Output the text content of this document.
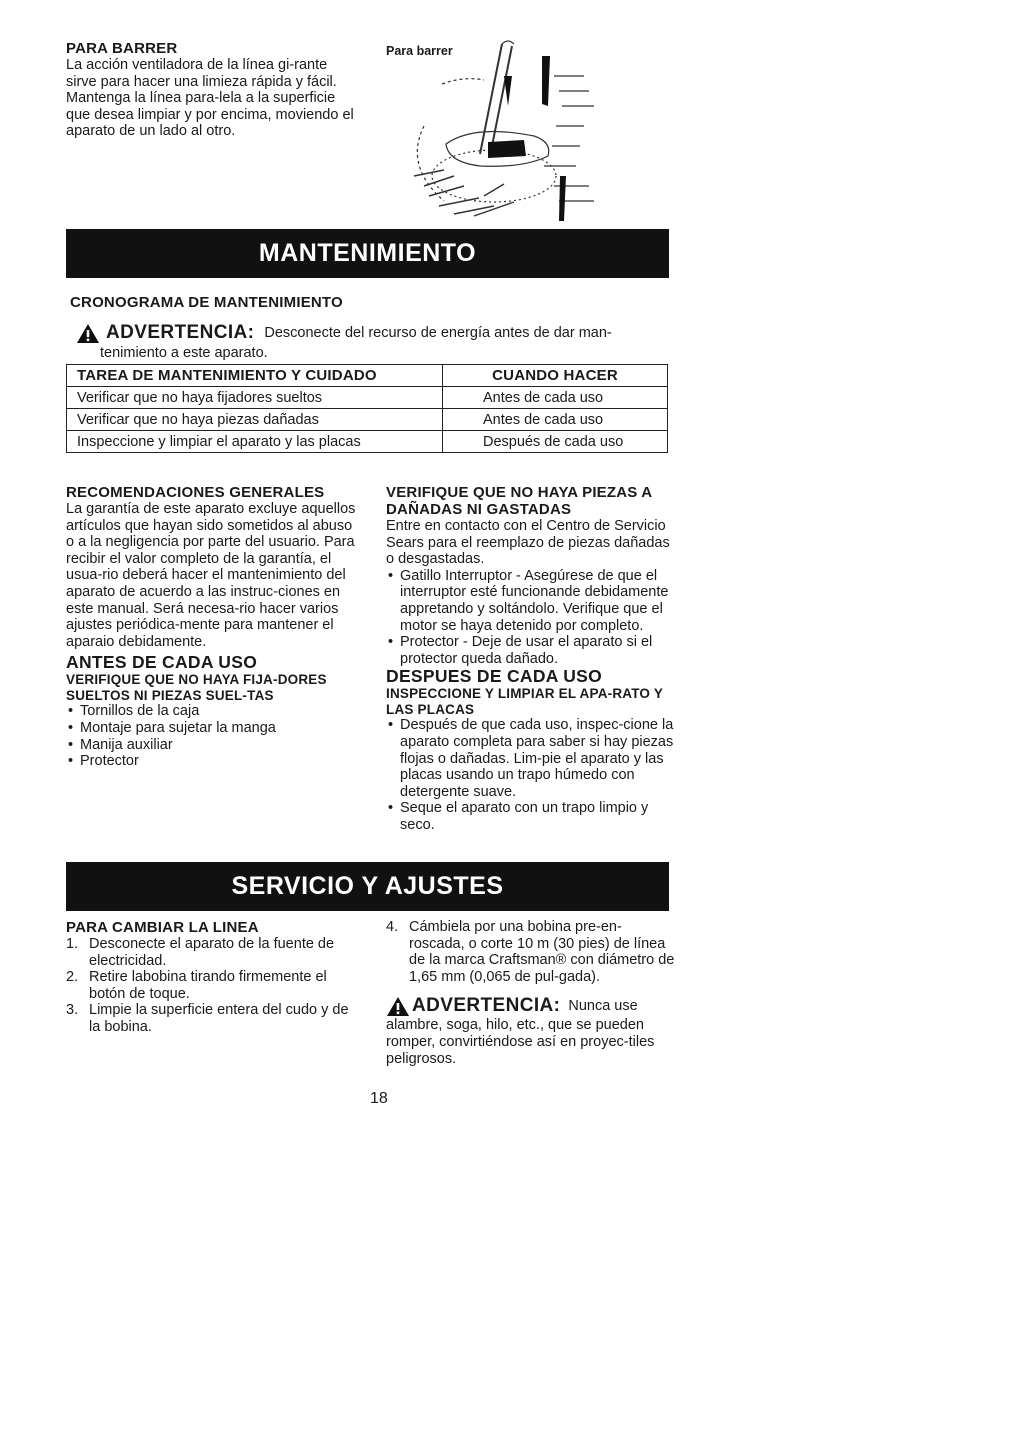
PARA BARRER
La acción ventiladora de la línea gi-rante sirve para hacer una limieza rápida y fácil. Mantenga la línea para-lela a la superficie que desea limpiar y por encima, moviendo el aparato de un lado al otro.
Para barrer
MANTENIMIENTO
CRONOGRAMA DE MANTENIMIENTO
ADVERTENCIA: Desconecte del recurso de energía antes de dar man-
tenimiento a este aparato.
TAREA DE MANTENIMIENTO Y CUIDADO	CUANDO HACER
Verificar que no haya fijadores sueltos	Antes de cada uso
Verificar que no haya piezas dañadas	Antes de cada uso
Inspeccione y limpiar el aparato y las placas	Después de cada uso
RECOMENDACIONES GENERALES
La garantía de este aparato excluye aquellos artículos que hayan sido sometidos al abuso o a la negligencia por parte del usuario. Para recibir el valor completo de la garantía, el usua-rio deberá hacer el mantenimiento del aparato de acuerdo a las instruc-ciones en este manual. Será necesa-rio hacer varios ajustes periódica-mente para mantener el aparaio debidamente.
ANTES DE CADA USO
VERIFIQUE QUE NO HAYA FIJA-DORES SUELTOS NI PIEZAS SUEL-TAS
• Tornillos de la caja
• Montaje para sujetar la manga
• Manija auxiliar
• Protector
VERIFIQUE QUE NO HAYA PIEZAS A DAÑADAS NI GASTADAS
Entre en contacto con el Centro de Servicio Sears para el reemplazo de piezas dañadas o desgastadas.
• Gatillo Interruptor - Asegúrese de que el interruptor esté funcionande debidamente appretando y soltándolo. Verifique que el motor se haya detenido por completo.
• Protector - Deje de usar el aparato si el protector queda dañado.
DESPUES DE CADA USO
INSPECCIONE Y LIMPIAR EL APA-RATO Y LAS PLACAS
• Después de que cada uso, inspec-cione la aparato completa para saber si hay piezas flojas o dañadas. Lim-pie el aparato y las placas usando un trapo húmedo con detergente suave.
• Seque el aparato con un trapo limpio y seco.
SERVICIO Y AJUSTES
PARA CAMBIAR LA LINEA
1. Desconecte el aparato de la fuente de electricidad.
2. Retire labobina tirando firmemente el botón de toque.
3. Limpie la superficie entera del cudo y de la bobina.
4. Cámbiela por una bobina pre-en-roscada, o corte 10 m (30 pies) de línea de la marca Craftsman® con diámetro de 1,65 mm (0,065 de pul-gada).
ADVERTENCIA: Nunca use
alambre, soga, hilo, etc., que se pueden romper, convirtiéndose así en proyec-tiles peligrosos.
18
